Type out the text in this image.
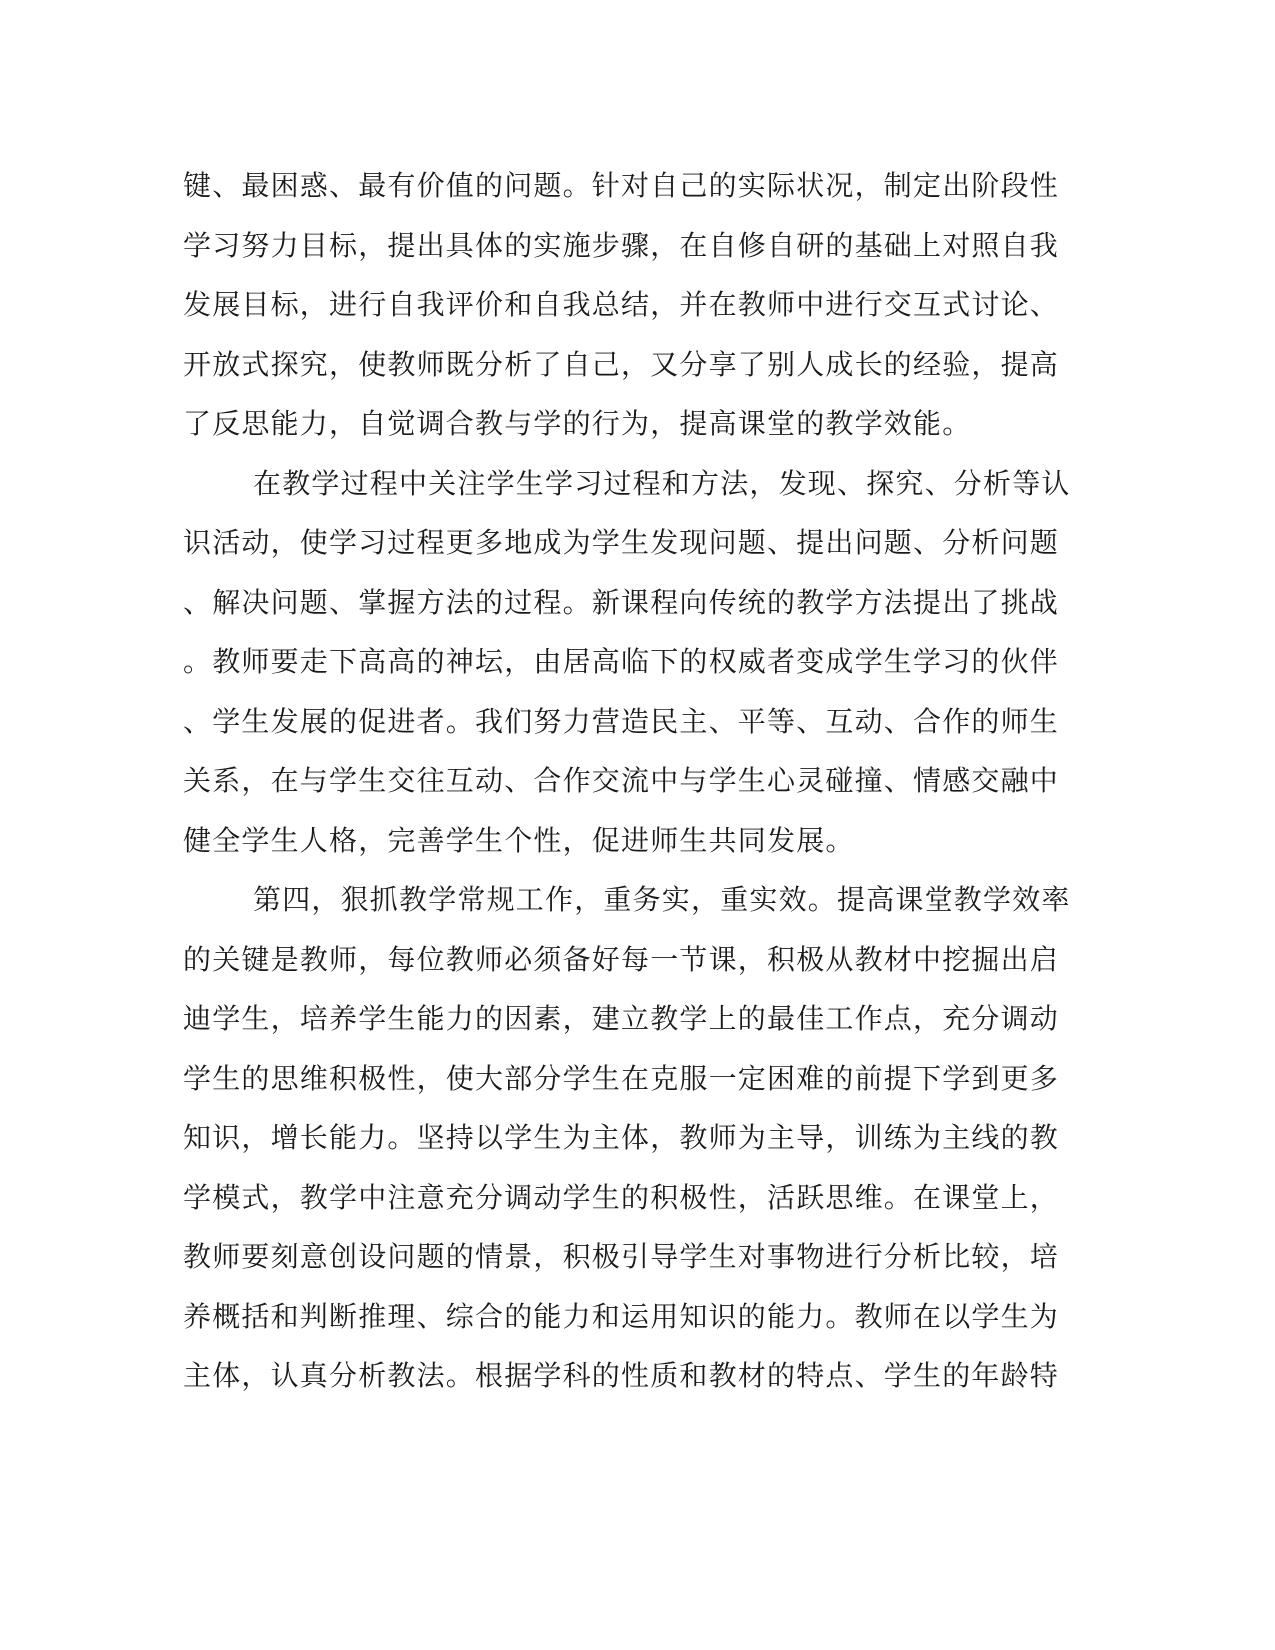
键、最困惑、最有价值的问题。针对自己的实际状况，制定出阶段性
学习努力目标，提出具体的实施步骤，在自修自研的基础上对照自我
发展目标，进行自我评价和自我总结，并在教师中进行交互式讨论、
开放式探究，使教师既分析了自己，又分享了别人成长的经验，提高
了反思能力，自觉调合教与学的行为，提高课堂的教学效能。
在教学过程中关注学生学习过程和方法，发现、探究、分析等认
识活动，使学习过程更多地成为学生发现问题、提出问题、分析问题
、解决问题、掌握方法的过程。新课程向传统的教学方法提出了挑战
。教师要走下高高的神坛，由居高临下的权威者变成学生学习的伙伴
、学生发展的促进者。我们努力营造民主、平等、互动、合作的师生
关系，在与学生交往互动、合作交流中与学生心灵碰撞、情感交融中
健全学生人格，完善学生个性，促进师生共同发展。
第四，狠抓教学常规工作，重务实，重实效。提高课堂教学效率
的关键是教师，每位教师必须备好每一节课，积极从教材中挖掘出启
迪学生，培养学生能力的因素，建立教学上的最佳工作点，充分调动
学生的思维积极性，使大部分学生在克服一定困难的前提下学到更多
知识，增长能力。坚持以学生为主体，教师为主导，训练为主线的教
学模式，教学中注意充分调动学生的积极性，活跃思维。在课堂上，
教师要刻意创设问题的情景，积极引导学生对事物进行分析比较，培
养概括和判断推理、综合的能力和运用知识的能力。教师在以学生为
主体，认真分析教法。根据学科的性质和教材的特点、学生的年龄特
